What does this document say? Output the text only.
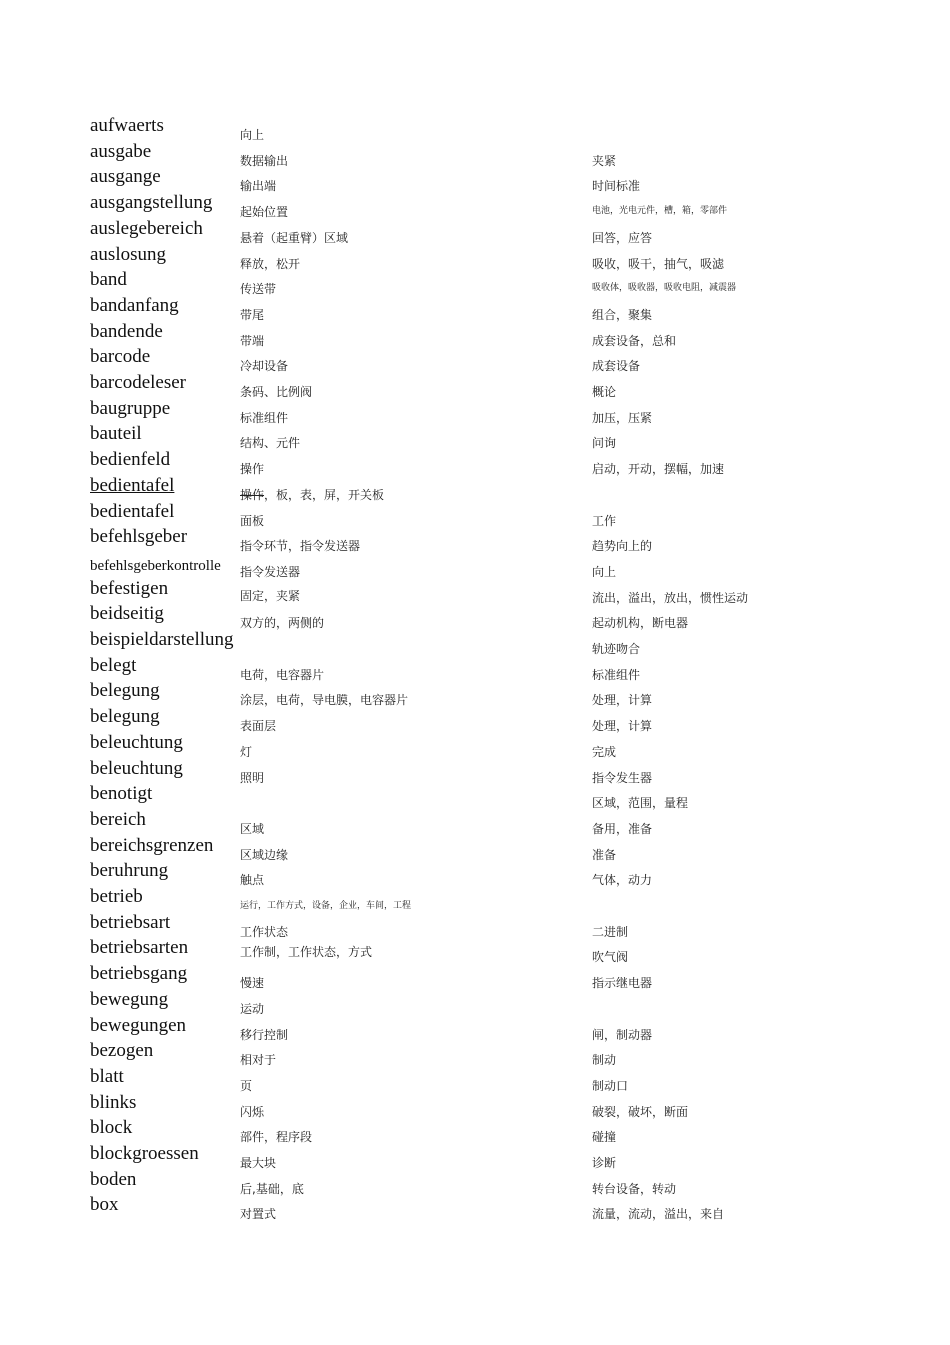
aufwaerts
ausgabe
ausgange
ausgangstellung
auslegebereich
auslosung
band
bandanfang
bandende
barcode
barcodeleser
baugruppe
bauteil
bedienfeld
bedientafel
bedientafel
befehlsgeber
befehlsgeberkontrolle
befestigen
beidseitig
beispieldarstellung
belegt
belegung
belegung
beleuchtung
beleuchtung
benotigt
bereich
bereichsgrenzen
beruhrung
betrieb
betriebsart
betriebsarten
betriebsgang
bewegung
bewegungen
bezogen
blatt
blinks
block
blockgroessen
boden
box
向上
数据输出
输出端
起始位置
悬着（起重臂）区域
释放，松开
传送带
带尾
带端
冷却设备
条码、比例阀
标准组件
结构、元件
操作
操作，板，表，屏，开关板
面板
指令环节，指令发送器
指令发送器
固定，夹紧
双方的，两侧的
电荷，电容器片
涂层，电荷，导电膜，电容器片
表面层
灯
照明
区域
区域边缘
触点
运行，工作方式，设备，企业，车间，工程
工作状态
工作制，工作状态，方式
慢速
运动
移行控制
相对于
页
闪烁
部件，程序段
最大块
后,基础，底
对置式
夹紧
时间标准
电池，光电元件，槽，箱，零部件
回答，应答
吸收，吸干，抽气，吸滤
吸收体，吸收器，吸收电阻，减震器
组合，聚集
成套设备，总和
成套设备
概论
加压，压紧
问询
启动，开动，摆幅，加速
工作
趋势向上的
向上
流出，溢出，放出，惯性运动
起动机构，断电器
轨迹吻合
标准组件
处理，计算
处理，计算
完成
指令发生器
区域，范围，量程
备用，准备
准备
气体，动力
二进制
吹气阀
指示继电器
闸，制动器
制动
制动口
破裂，破坏，断面
碰撞
诊断
转台设备，转动
流量，流动，溢出，来自
